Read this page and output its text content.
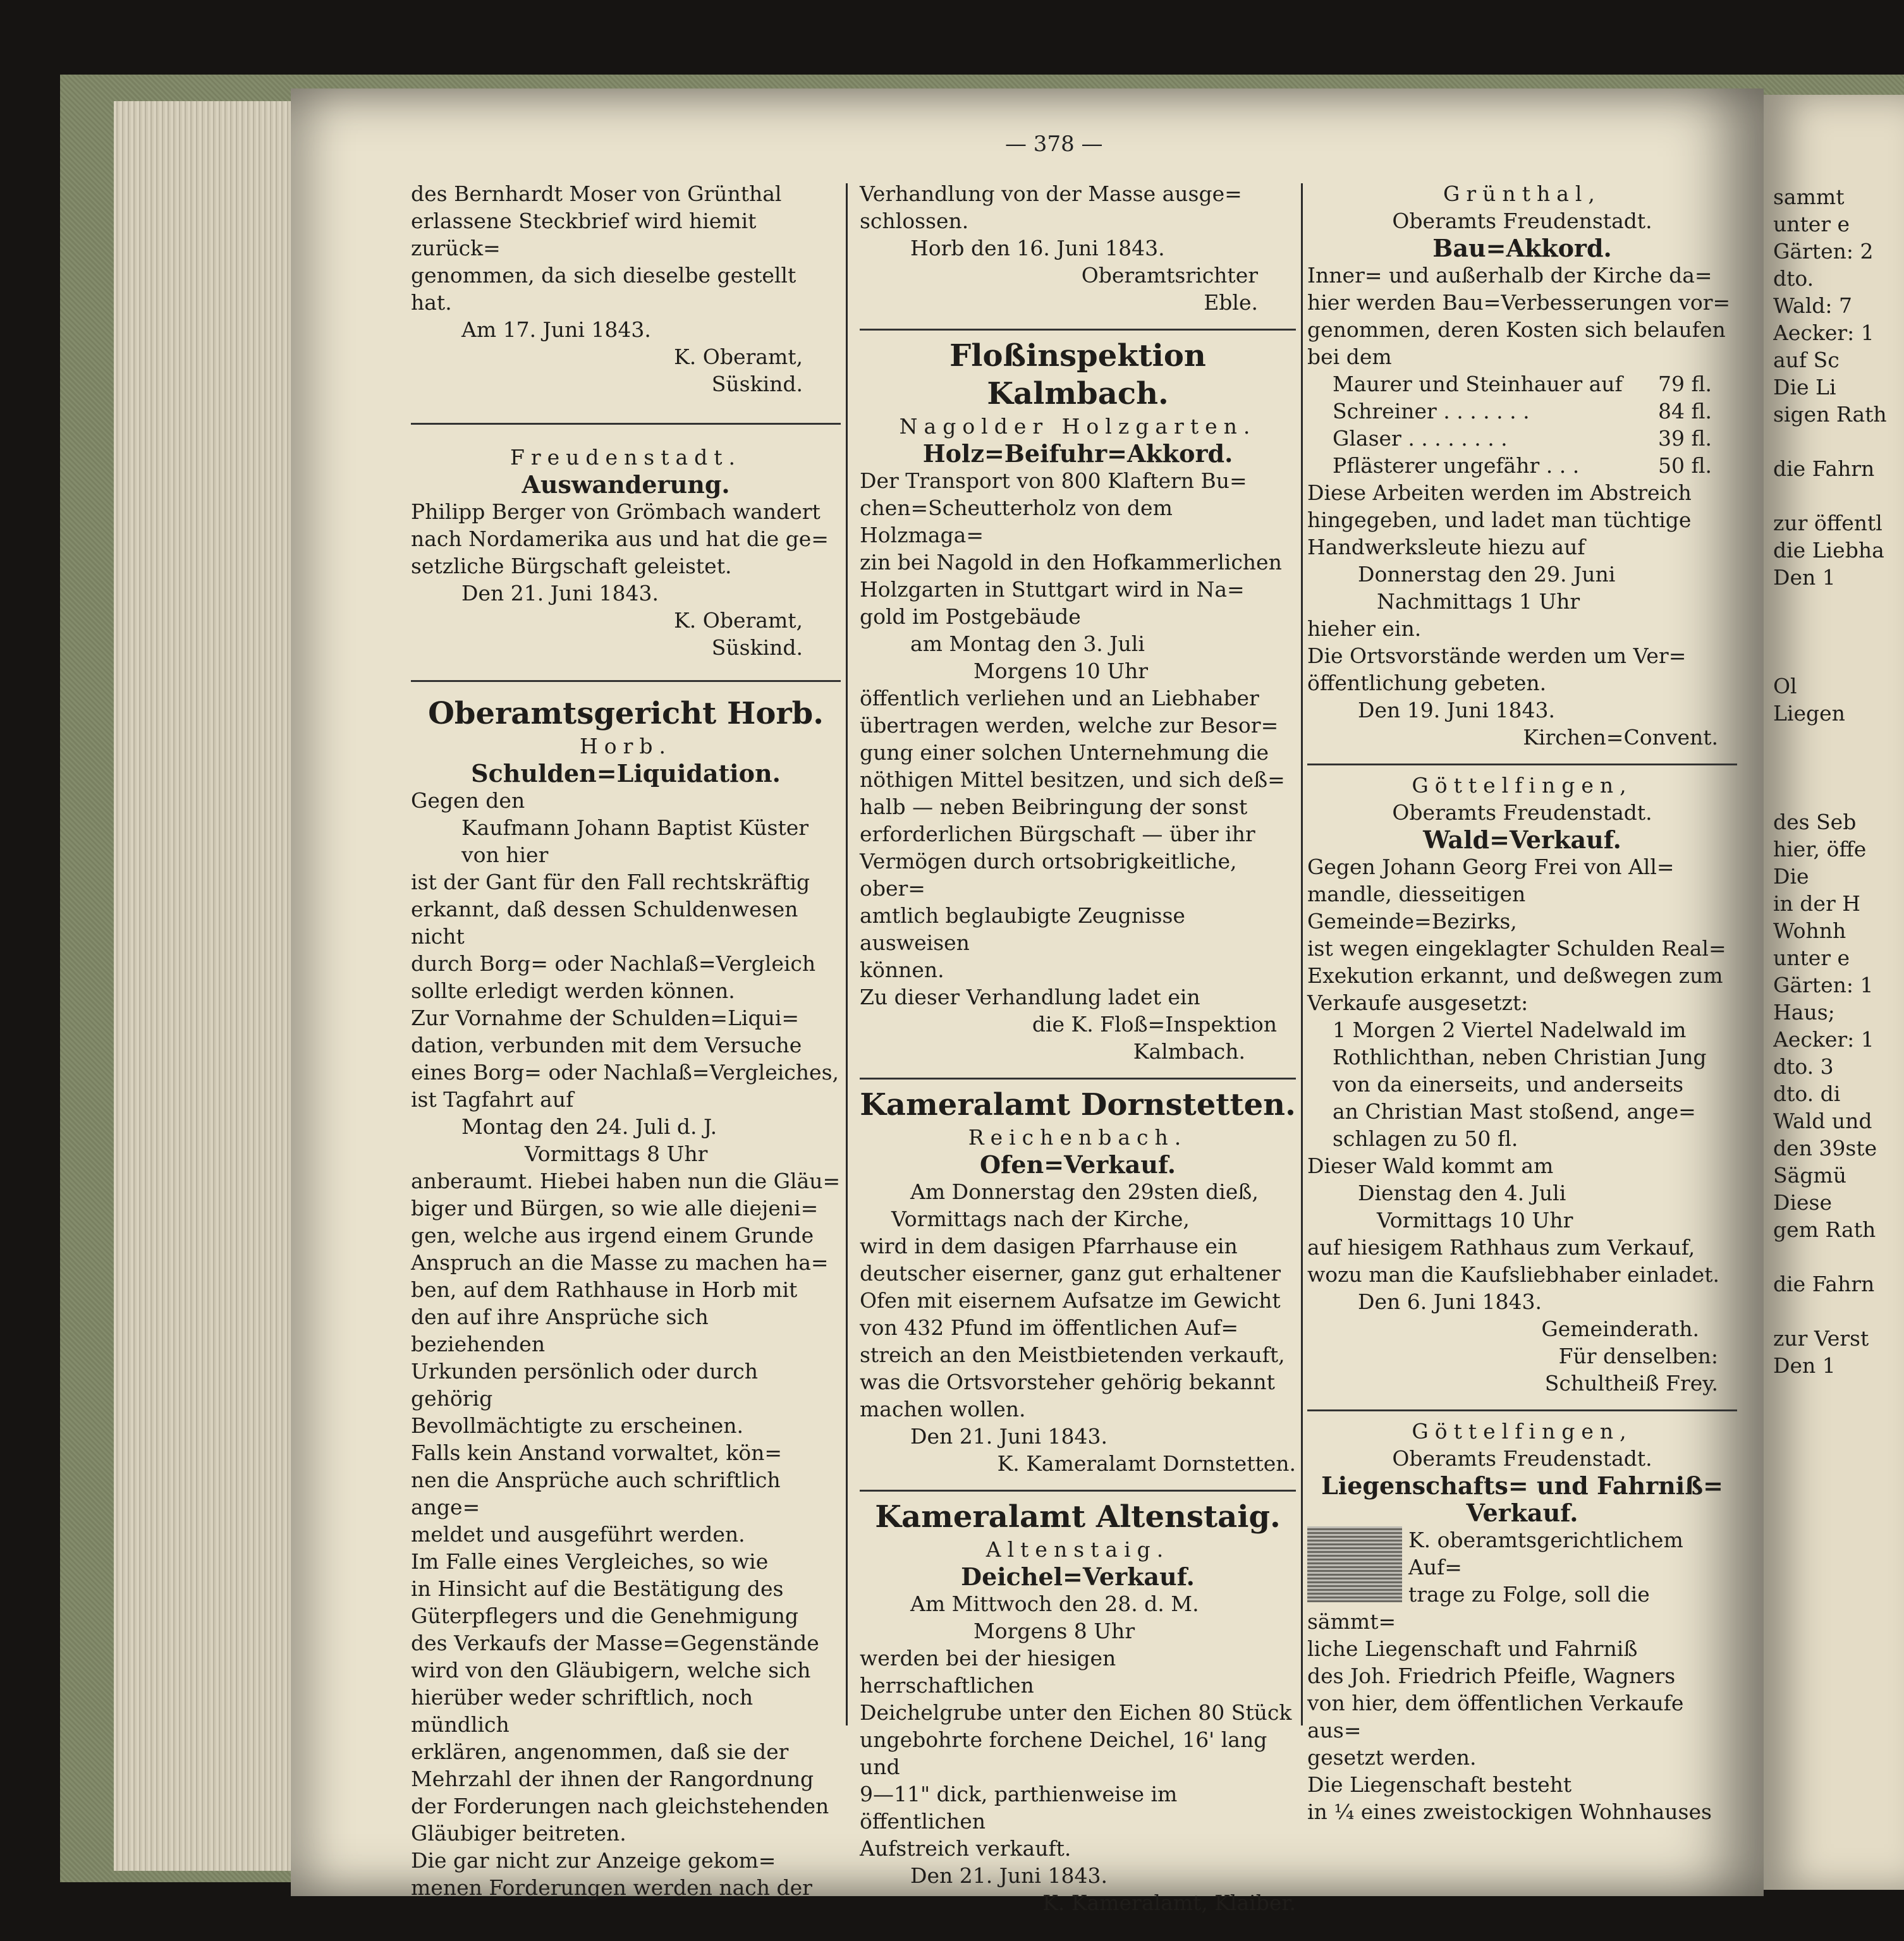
— 378 —

des Bernhardt Moser von Grünthal

erlassene Steckbrief wird hiemit zurück=

genommen, da sich dieselbe gestellt hat.

Am 17. Juni 1843.

K. Oberamt,

Süskind.

Freudenstadt.

Auswanderung.

Philipp Berger von Grömbach wandert

nach Nordamerika aus und hat die ge=

setzliche Bürgschaft geleistet.

Den 21. Juni 1843.

K. Oberamt,

Süskind.

Oberamtsgericht Horb.

Horb.

Schulden=Liquidation.

Gegen den

Kaufmann Johann Baptist Küster

von hier

ist der Gant für den Fall rechtskräftig

erkannt, daß dessen Schuldenwesen nicht

durch Borg= oder Nachlaß=Vergleich

sollte erledigt werden können.

Zur Vornahme der Schulden=Liqui=

dation, verbunden mit dem Versuche

eines Borg= oder Nachlaß=Vergleiches,

ist Tagfahrt auf

Montag den 24. Juli d. J.

Vormittags 8 Uhr

anberaumt. Hiebei haben nun die Gläu=

biger und Bürgen, so wie alle diejeni=

gen, welche aus irgend einem Grunde

Anspruch an die Masse zu machen ha=

ben, auf dem Rathhause in Horb mit

den auf ihre Ansprüche sich beziehenden

Urkunden persönlich oder durch gehörig

Bevollmächtigte zu erscheinen.

Falls kein Anstand vorwaltet, kön=

nen die Ansprüche auch schriftlich ange=

meldet und ausgeführt werden.

Im Falle eines Vergleiches, so wie

in Hinsicht auf die Bestätigung des

Güterpflegers und die Genehmigung

des Verkaufs der Masse=Gegenstände

wird von den Gläubigern, welche sich

hierüber weder schriftlich, noch mündlich

erklären, angenommen, daß sie der

Mehrzahl der ihnen der Rangordnung

der Forderungen nach gleichstehenden

Gläubiger beitreten.

Die gar nicht zur Anzeige gekom=

menen Forderungen werden nach der

Verhandlung von der Masse ausge=

schlossen.

Horb den 16. Juni 1843.

Oberamtsrichter

Eble.

Floßinspektion Kalmbach.

Nagolder Holzgarten.

Holz=Beifuhr=Akkord.

Der Transport von 800 Klaftern Bu=

chen=Scheutterholz von dem Holzmaga=

zin bei Nagold in den Hofkammerlichen

Holzgarten in Stuttgart wird in Na=

gold im Postgebäude

am Montag den 3. Juli

Morgens 10 Uhr

öffentlich verliehen und an Liebhaber

übertragen werden, welche zur Besor=

gung einer solchen Unternehmung die

nöthigen Mittel besitzen, und sich deß=

halb — neben Beibringung der sonst

erforderlichen Bürgschaft — über ihr

Vermögen durch ortsobrigkeitliche, ober=

amtlich beglaubigte Zeugnisse ausweisen

können.

Zu dieser Verhandlung ladet ein

die K. Floß=Inspektion

Kalmbach.

Kameralamt Dornstetten.

Reichenbach.

Ofen=Verkauf.

Am Donnerstag den 29sten dieß,

Vormittags nach der Kirche,

wird in dem dasigen Pfarrhause ein

deutscher eiserner, ganz gut erhaltener

Ofen mit eisernem Aufsatze im Gewicht

von 432 Pfund im öffentlichen Auf=

streich an den Meistbietenden verkauft,

was die Ortsvorsteher gehörig bekannt

machen wollen.

Den 21. Juni 1843.

K. Kameralamt Dornstetten.

Kameralamt Altenstaig.

Altenstaig.

Deichel=Verkauf.

Am Mittwoch den 28. d. M.

Morgens 8 Uhr

werden bei der hiesigen herrschaftlichen

Deichelgrube unter den Eichen 80 Stück

ungebohrte forchene Deichel, 16' lang und

9—11" dick, parthienweise im öffentlichen

Aufstreich verkauft.

Den 21. Juni 1843.

K. Kameralamt, Klaiber.

Grünthal,

Oberamts Freudenstadt.

Bau=Akkord.

Inner= und außerhalb der Kirche da=

hier werden Bau=Verbesserungen vor=

genommen, deren Kosten sich belaufen

bei dem

Maurer und Steinhauer auf 79 fl.
Schreiner . . . . . . .	84 fl.
Glaser . . . . . . . .	39 fl.
Pflästerer ungefähr . . .	50 fl.

Diese Arbeiten werden im Abstreich

hingegeben, und ladet man tüchtige

Handwerksleute hiezu auf

Donnerstag den 29. Juni

Nachmittags 1 Uhr

hieher ein.

Die Ortsvorstände werden um Ver=

öffentlichung gebeten.

Den 19. Juni 1843.

Kirchen=Convent.

Göttelfingen,

Oberamts Freudenstadt.

Wald=Verkauf.

Gegen Johann Georg Frei von All=

mandle, diesseitigen Gemeinde=Bezirks,

ist wegen eingeklagter Schulden Real=

Exekution erkannt, und deßwegen zum

Verkaufe ausgesetzt:

1 Morgen 2 Viertel Nadelwald im

Rothlichthan, neben Christian Jung

von da einerseits, und anderseits

an Christian Mast stoßend, ange=

schlagen zu 50 fl.

Dieser Wald kommt am

Dienstag den 4. Juli

Vormittags 10 Uhr

auf hiesigem Rathhaus zum Verkauf,

wozu man die Kaufsliebhaber einladet.

Den 6. Juni 1843.

Gemeinderath.

Für denselben:

Schultheiß Frey.

Göttelfingen,

Oberamts Freudenstadt.

Liegenschafts= und Fahrniß=

Verkauf.

K. oberamtsgerichtlichem Auf=

trage zu Folge, soll die sämmt=

liche Liegenschaft und Fahrniß

des Joh. Friedrich Pfeifle, Wagners

von hier, dem öffentlichen Verkaufe aus=

gesetzt werden.

Die Liegenschaft besteht

in ¼ eines zweistockigen Wohnhauses

sammt

unter e

Gärten: 2

dto.

Wald: 7

Aecker: 1

auf Sc

Die Li

sigen Rath

die Fahrn

zur öffentl

die Liebha

Den 1

Ol

Liegen

des Seb

hier, öffe

Die

in der H

Wohnh

unter e

Gärten: 1

Haus;

Aecker: 1

dto. 3

dto. di

Wald und

den 39ste

Sägmü

Diese

gem Rath

die Fahrn

zur Verst

Den 1
